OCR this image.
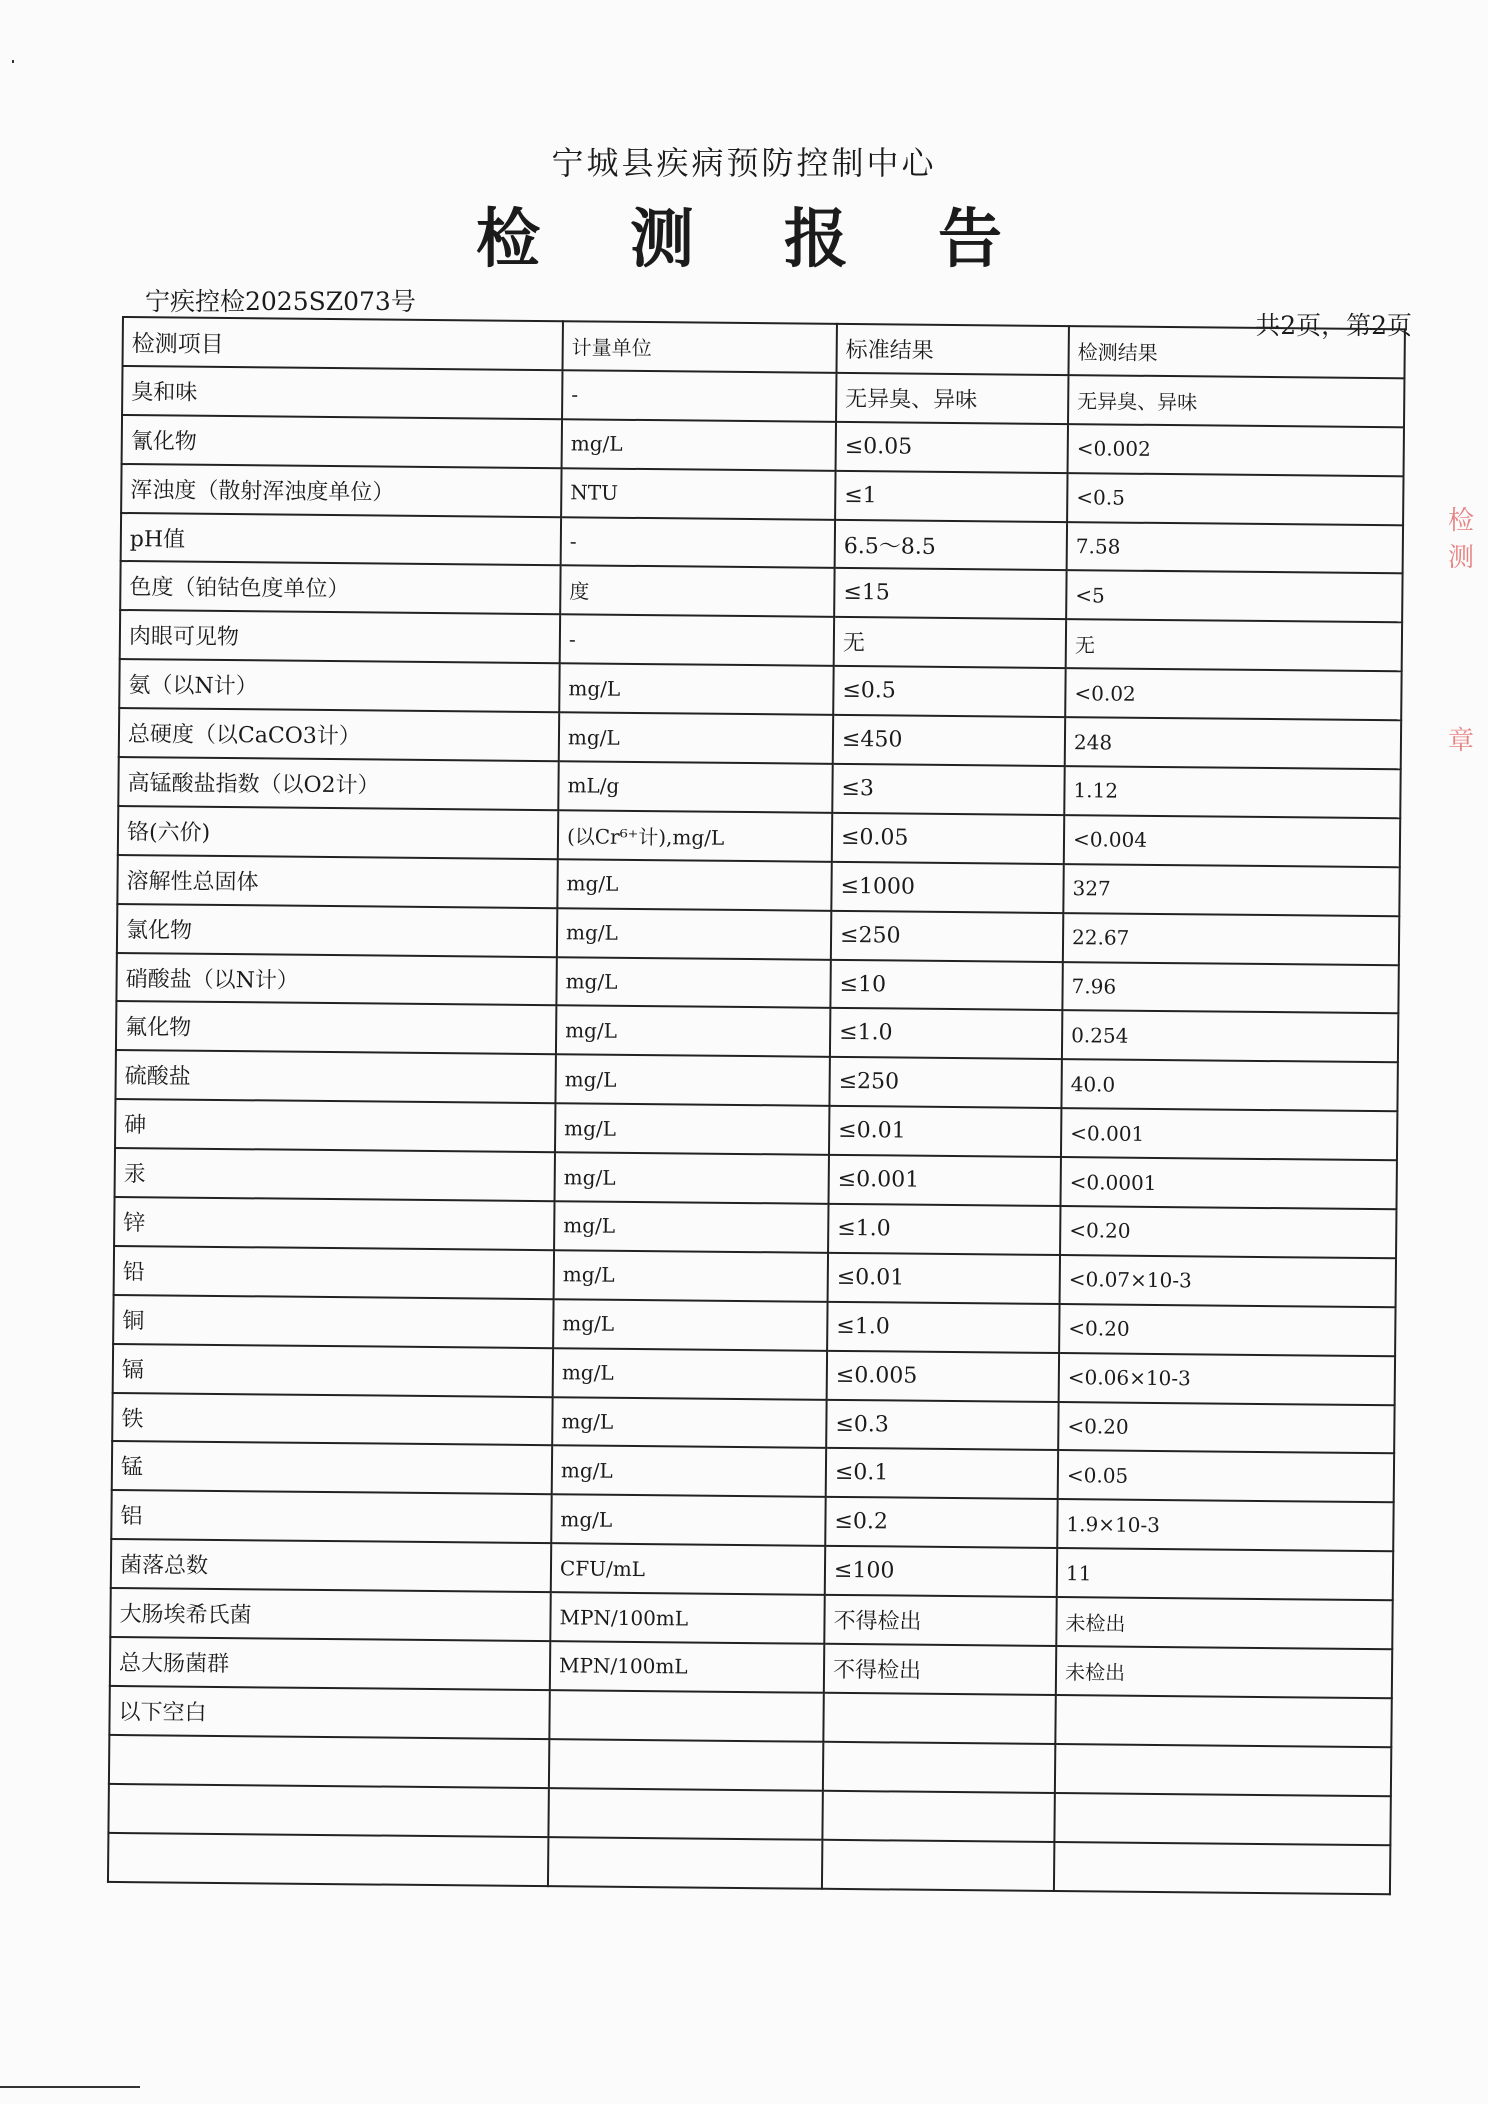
宁城县疾病预防控制中心
检测报告
宁疾控检2025SZ073号
共2页，第2页
检测项目	计量单位	标准结果	检测结果
臭和味	-	无异臭、异味	无异臭、异味
氰化物	mg/L	≤0.05	<0.002
浑浊度（散射浑浊度单位）	NTU	≤1	<0.5
pH值	-	6.5～8.5	7.58
色度（铂钴色度单位）	度	≤15	<5
肉眼可见物	-	无	无
氨（以N计）	mg/L	≤0.5	<0.02
总硬度（以CaCO3计）	mg/L	≤450	248
高锰酸盐指数（以O2计）	mL/g	≤3	1.12
铬(六价)	(以Cr⁶⁺计),mg/L	≤0.05	<0.004
溶解性总固体	mg/L	≤1000	327
氯化物	mg/L	≤250	22.67
硝酸盐（以N计）	mg/L	≤10	7.96
氟化物	mg/L	≤1.0	0.254
硫酸盐	mg/L	≤250	40.0
砷	mg/L	≤0.01	<0.001
汞	mg/L	≤0.001	<0.0001
锌	mg/L	≤1.0	<0.20
铅	mg/L	≤0.01	<0.07×10-3
铜	mg/L	≤1.0	<0.20
镉	mg/L	≤0.005	<0.06×10-3
铁	mg/L	≤0.3	<0.20
锰	mg/L	≤0.1	<0.05
铝	mg/L	≤0.2	1.9×10-3
菌落总数	CFU/mL	≤100	11
大肠埃希氏菌	MPN/100mL	不得检出	未检出
总大肠菌群	MPN/100mL	不得检出	未检出
以下空白			

检测
章
